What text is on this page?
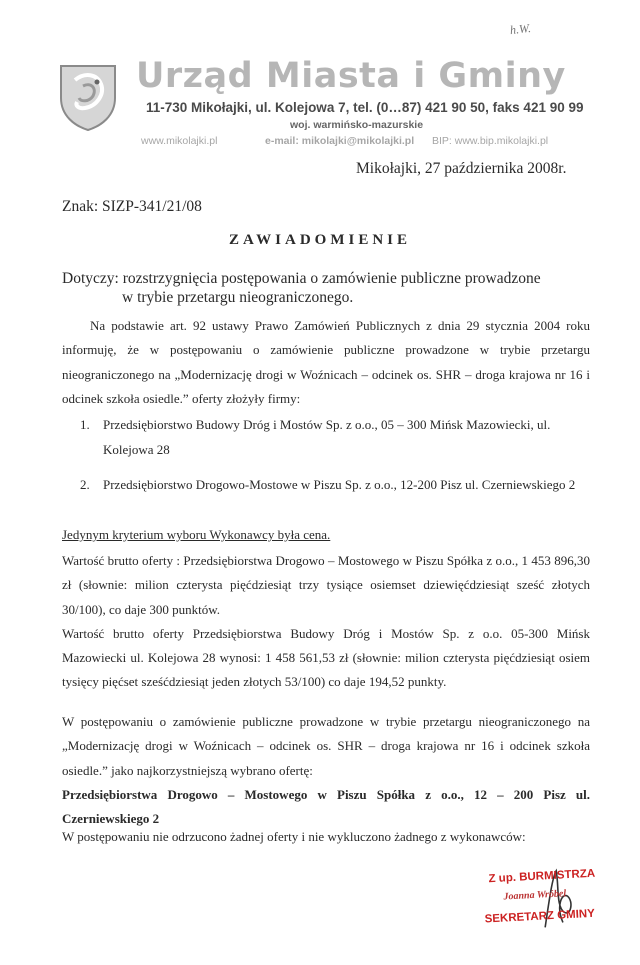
h.W.
Urząd Miasta i Gminy
11-730 Mikołajki, ul. Kolejowa 7, tel. (0…87) 421 90 50, faks 421 90 99
woj. warmińsko-mazurskie
www.mikolajki.pl	e-mail: mikolajki@mikolajki.pl BIP: www.bip.mikolajki.pl
Mikołajki, 27 października 2008r.
Znak: SIZP-341/21/08
ZAWIADOMIENIE
Dotyczy: rozstrzygnięcia postępowania o zamówienie publiczne prowadzone
w trybie przetargu nieograniczonego.
Na podstawie art. 92 ustawy Prawo Zamówień Publicznych z dnia 29 stycznia 2004 roku informuję, że w postępowaniu o zamówienie publiczne prowadzone w trybie przetargu nieograniczonego na „Modernizację drogi w Woźnicach – odcinek os. SHR – droga krajowa nr 16 i odcinek szkoła osiedle.” oferty złożyły firmy:
1. Przedsiębiorstwo Budowy Dróg i Mostów Sp. z o.o., 05 – 300 Mińsk Mazowiecki, ul. Kolejowa 28
2. Przedsiębiorstwo Drogowo-Mostowe w Piszu Sp. z o.o., 12-200 Pisz ul. Czerniewskiego 2
Jedynym kryterium wyboru Wykonawcy była cena.
Wartość brutto oferty : Przedsiębiorstwa Drogowo – Mostowego w Piszu Spółka z o.o., 1 453 896,30 zł (słownie: milion czterysta pięćdziesiąt trzy tysiące osiemset dziewięćdziesiąt sześć złotych 30/100), co daje 300 punktów.
Wartość brutto oferty Przedsiębiorstwa Budowy Dróg i Mostów Sp. z o.o. 05-300 Mińsk Mazowiecki ul. Kolejowa 28 wynosi: 1 458 561,53 zł (słownie: milion czterysta pięćdziesiąt osiem tysięcy pięćset sześćdziesiąt jeden złotych 53/100) co daje 194,52 punkty.
W postępowaniu o zamówienie publiczne prowadzone w trybie przetargu nieograniczonego na „Modernizację drogi w Woźnicach – odcinek os. SHR – droga krajowa nr 16 i odcinek szkoła osiedle.” jako najkorzystniejszą wybrano ofertę:
Przedsiębiorstwa Drogowo – Mostowego w Piszu Spółka z o.o., 12 – 200 Pisz ul. Czerniewskiego 2
W postępowaniu nie odrzucono żadnej oferty i nie wykluczono żadnego z wykonawców:
Z up. BURMISTRZA
Joanna Wróbel
SEKRETARZ GMINY
